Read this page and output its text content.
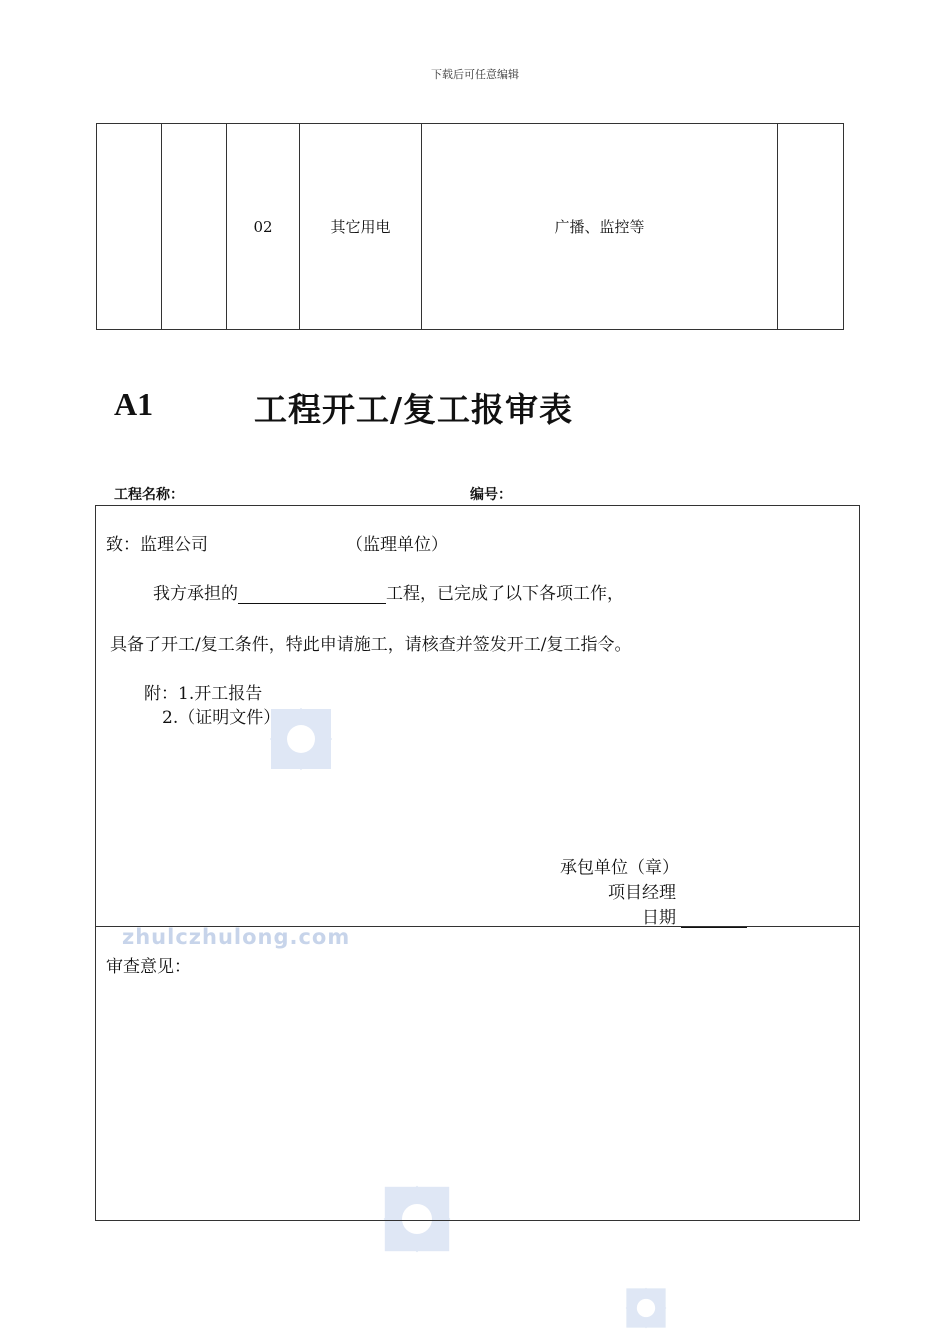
下载后可任意编辑
		02	其它用电	广播、监控等	
A1	工程开工/复工报审表
工程名称：	编号：
zhulczhulong.com
致：监理公司	（监理单位）
我方承担的	工程，已完成了以下各项工作，
具备了开工/复工条件，特此申请施工，请核查并签发开工/复工指令。
附：1.开工报告
2.（证明文件）
承包单位（章）
项目经理
日期
审查意见：
